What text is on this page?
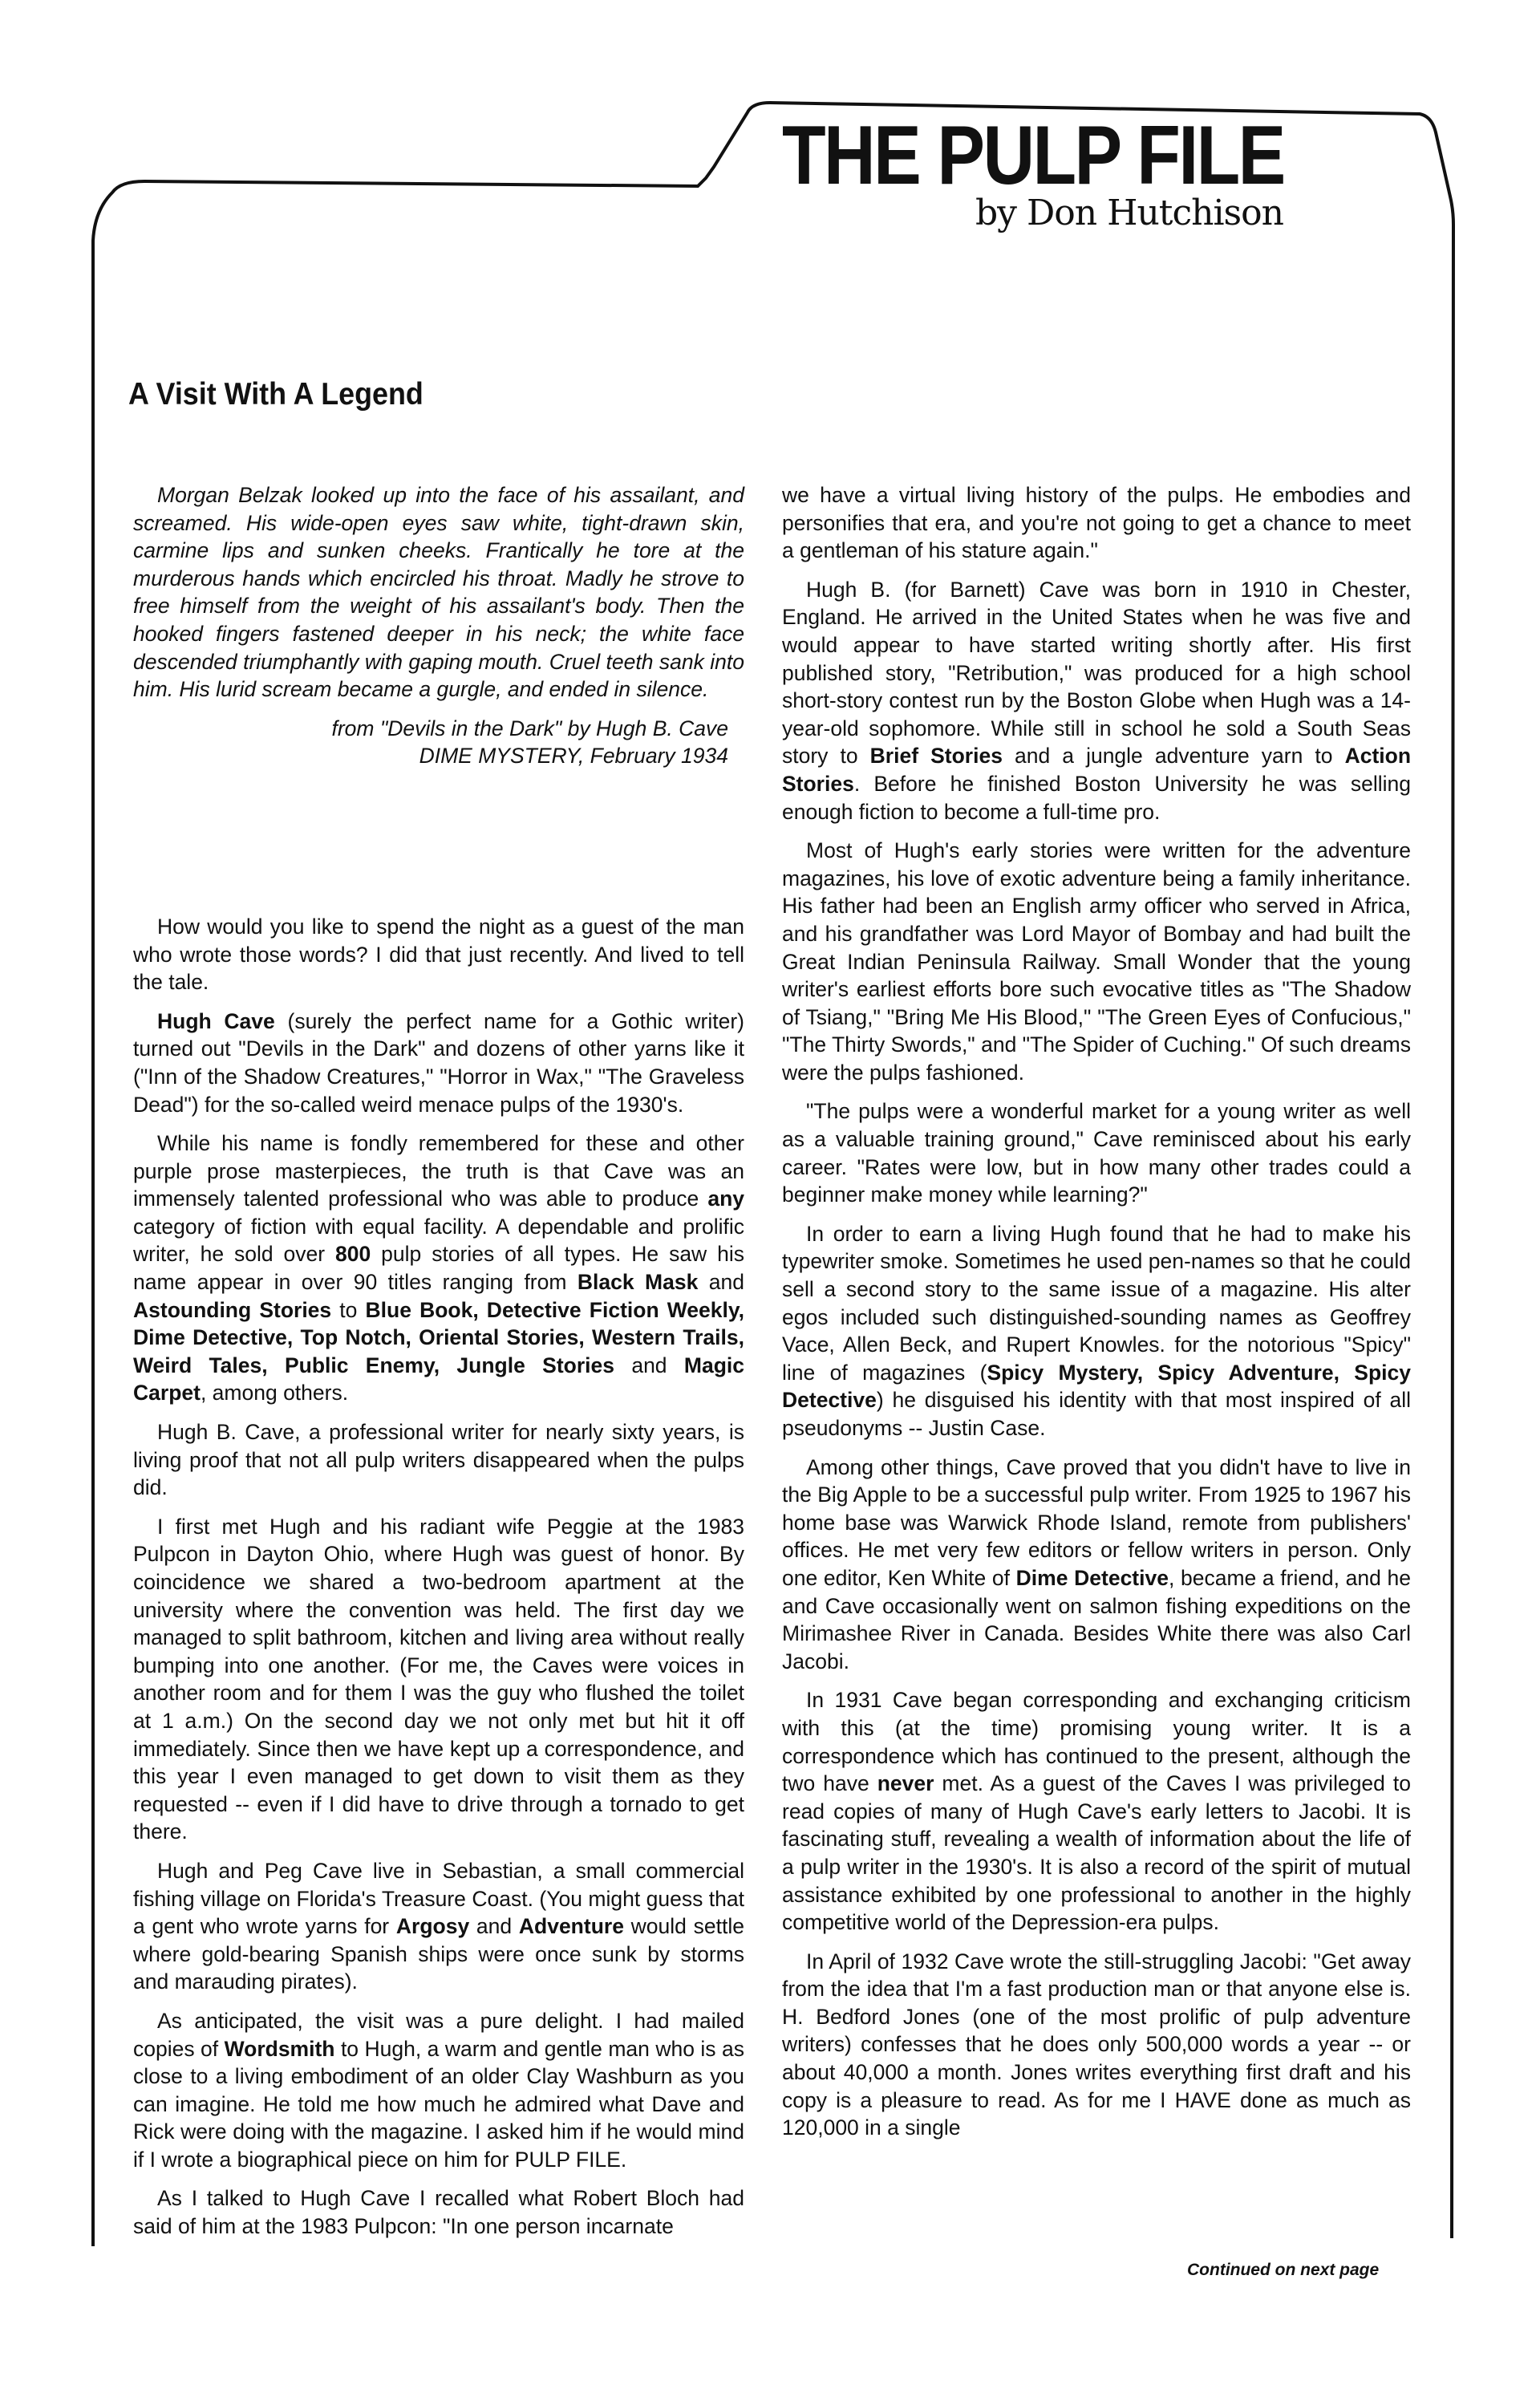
THE PULP FILE
by Don Hutchison
A Visit With A Legend

Morgan Belzak looked up into the face of his assailant, and screamed. His wide-open eyes saw white, tight-drawn skin, carmine lips and sunken cheeks. Frantically he tore at the murderous hands which encircled his throat. Madly he strove to free himself from the weight of his assailant's body. Then the hooked fingers fastened deeper in his neck; the white face descended triumphantly with gaping mouth. Cruel teeth sank into him. His lurid scream became a gurgle, and ended in silence.

from "Devils in the Dark" by Hugh B. Cave
DIME MYSTERY, February 1934

How would you like to spend the night as a guest of the man who wrote those words? I did that just recently. And lived to tell the tale.

Hugh Cave (surely the perfect name for a Gothic writer) turned out "Devils in the Dark" and dozens of other yarns like it ("Inn of the Shadow Creatures," "Horror in Wax," "The Graveless Dead") for the so-called weird menace pulps of the 1930's.

While his name is fondly remembered for these and other purple prose masterpieces, the truth is that Cave was an immensely talented professional who was able to produce any category of fiction with equal facility. A dependable and prolific writer, he sold over 800 pulp stories of all types. He saw his name appear in over 90 titles ranging from Black Mask and Astounding Stories to Blue Book, Detective Fiction Weekly, Dime Detective, Top Notch, Oriental Stories, Western Trails, Weird Tales, Public Enemy, Jungle Stories and Magic Carpet, among others.

Hugh B. Cave, a professional writer for nearly sixty years, is living proof that not all pulp writers disappeared when the pulps did.

I first met Hugh and his radiant wife Peggie at the 1983 Pulpcon in Dayton Ohio, where Hugh was guest of honor. By coincidence we shared a two-bedroom apartment at the university where the convention was held. The first day we managed to split bathroom, kitchen and living area without really bumping into one another. (For me, the Caves were voices in another room and for them I was the guy who flushed the toilet at 1 a.m.) On the second day we not only met but hit it off immediately. Since then we have kept up a correspondence, and this year I even managed to get down to visit them as they requested -- even if I did have to drive through a tornado to get there.

Hugh and Peg Cave live in Sebastian, a small commercial fishing village on Florida's Treasure Coast. (You might guess that a gent who wrote yarns for Argosy and Adventure would settle where gold-bearing Spanish ships were once sunk by storms and marauding pirates).

As anticipated, the visit was a pure delight. I had mailed copies of Wordsmith to Hugh, a warm and gentle man who is as close to a living embodiment of an older Clay Washburn as you can imagine. He told me how much he admired what Dave and Rick were doing with the magazine. I asked him if he would mind if I wrote a biographical piece on him for PULP FILE.

As I talked to Hugh Cave I recalled what Robert Bloch had said of him at the 1983 Pulpcon: "In one person incarnate

we have a virtual living history of the pulps. He embodies and personifies that era, and you're not going to get a chance to meet a gentleman of his stature again."

Hugh B. (for Barnett) Cave was born in 1910 in Chester, England. He arrived in the United States when he was five and would appear to have started writing shortly after. His first published story, "Retribution," was produced for a high school short-story contest run by the Boston Globe when Hugh was a 14-year-old sophomore. While still in school he sold a South Seas story to Brief Stories and a jungle adventure yarn to Action Stories. Before he finished Boston University he was selling enough fiction to become a full-time pro.

Most of Hugh's early stories were written for the adventure magazines, his love of exotic adventure being a family inheritance. His father had been an English army officer who served in Africa, and his grandfather was Lord Mayor of Bombay and had built the Great Indian Peninsula Railway. Small Wonder that the young writer's earliest efforts bore such evocative titles as "The Shadow of Tsiang," "Bring Me His Blood," "The Green Eyes of Confucious," "The Thirty Swords," and "The Spider of Cuching." Of such dreams were the pulps fashioned.

"The pulps were a wonderful market for a young writer as well as a valuable training ground," Cave reminisced about his early career. "Rates were low, but in how many other trades could a beginner make money while learning?"

In order to earn a living Hugh found that he had to make his typewriter smoke. Sometimes he used pen-names so that he could sell a second story to the same issue of a magazine. His alter egos included such distinguished-sounding names as Geoffrey Vace, Allen Beck, and Rupert Knowles. for the notorious "Spicy" line of magazines (Spicy Mystery, Spicy Adventure, Spicy Detective) he disguised his identity with that most inspired of all pseudonyms -- Justin Case.

Among other things, Cave proved that you didn't have to live in the Big Apple to be a successful pulp writer. From 1925 to 1967 his home base was Warwick Rhode Island, remote from publishers' offices. He met very few editors or fellow writers in person. Only one editor, Ken White of Dime Detective, became a friend, and he and Cave occasionally went on salmon fishing expeditions on the Mirimashee River in Canada. Besides White there was also Carl Jacobi.

In 1931 Cave began corresponding and exchanging criticism with this (at the time) promising young writer. It is a correspondence which has continued to the present, although the two have never met. As a guest of the Caves I was privileged to read copies of many of Hugh Cave's early letters to Jacobi. It is fascinating stuff, revealing a wealth of information about the life of a pulp writer in the 1930's. It is also a record of the spirit of mutual assistance exhibited by one professional to another in the highly competitive world of the Depression-era pulps.

In April of 1932 Cave wrote the still-struggling Jacobi: "Get away from the idea that I'm a fast production man or that anyone else is. H. Bedford Jones (one of the most prolific of pulp adventure writers) confesses that he does only 500,000 words a year -- or about 40,000 a month. Jones writes everything first draft and his copy is a pleasure to read. As for me I HAVE done as much as 120,000 in a single

Continued on next page
